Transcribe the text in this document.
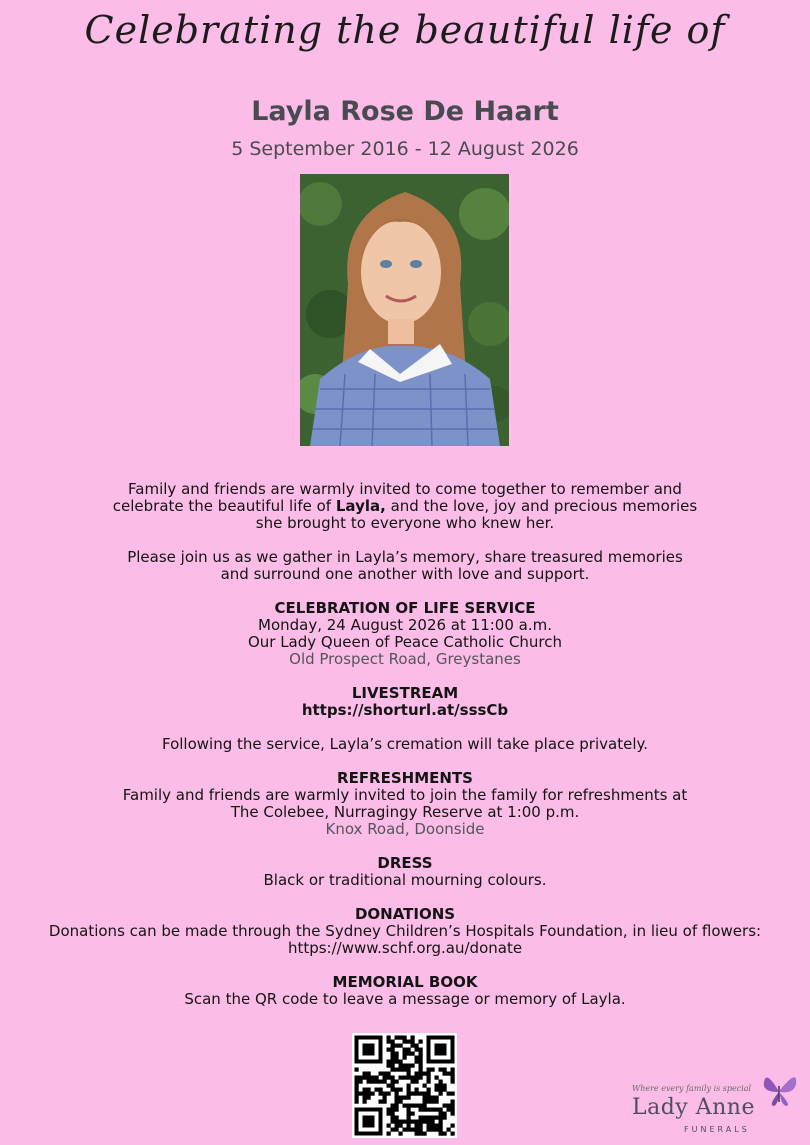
Celebrating the beautiful life of
Layla Rose De Haart
5 September 2016 - 12 August 2026

Family and friends are warmly invited to come together to remember and

celebrate the beautiful life of Layla, and the love, joy and precious memories

she brought to everyone who knew her.

Please join us as we gather in Layla’s memory, share treasured memories

and surround one another with love and support.

CELEBRATION OF LIFE SERVICE

Monday, 24 August 2026 at 11:00 a.m.

Our Lady Queen of Peace Catholic Church

Old Prospect Road, Greystanes

LIVESTREAM

https://shorturl.at/sssCb

Following the service, Layla’s cremation will take place privately.

REFRESHMENTS

Family and friends are warmly invited to join the family for refreshments at

The Colebee, Nurragingy Reserve at 1:00 p.m.

Knox Road, Doonside

DRESS

Black or traditional mourning colours.

DONATIONS

Donations can be made through the Sydney Children’s Hospitals Foundation, in lieu of flowers:

https://www.schf.org.au/donate

MEMORIAL BOOK

Scan the QR code to leave a message or memory of Layla.

Where every family is special
Lady Anne
FUNERALS
